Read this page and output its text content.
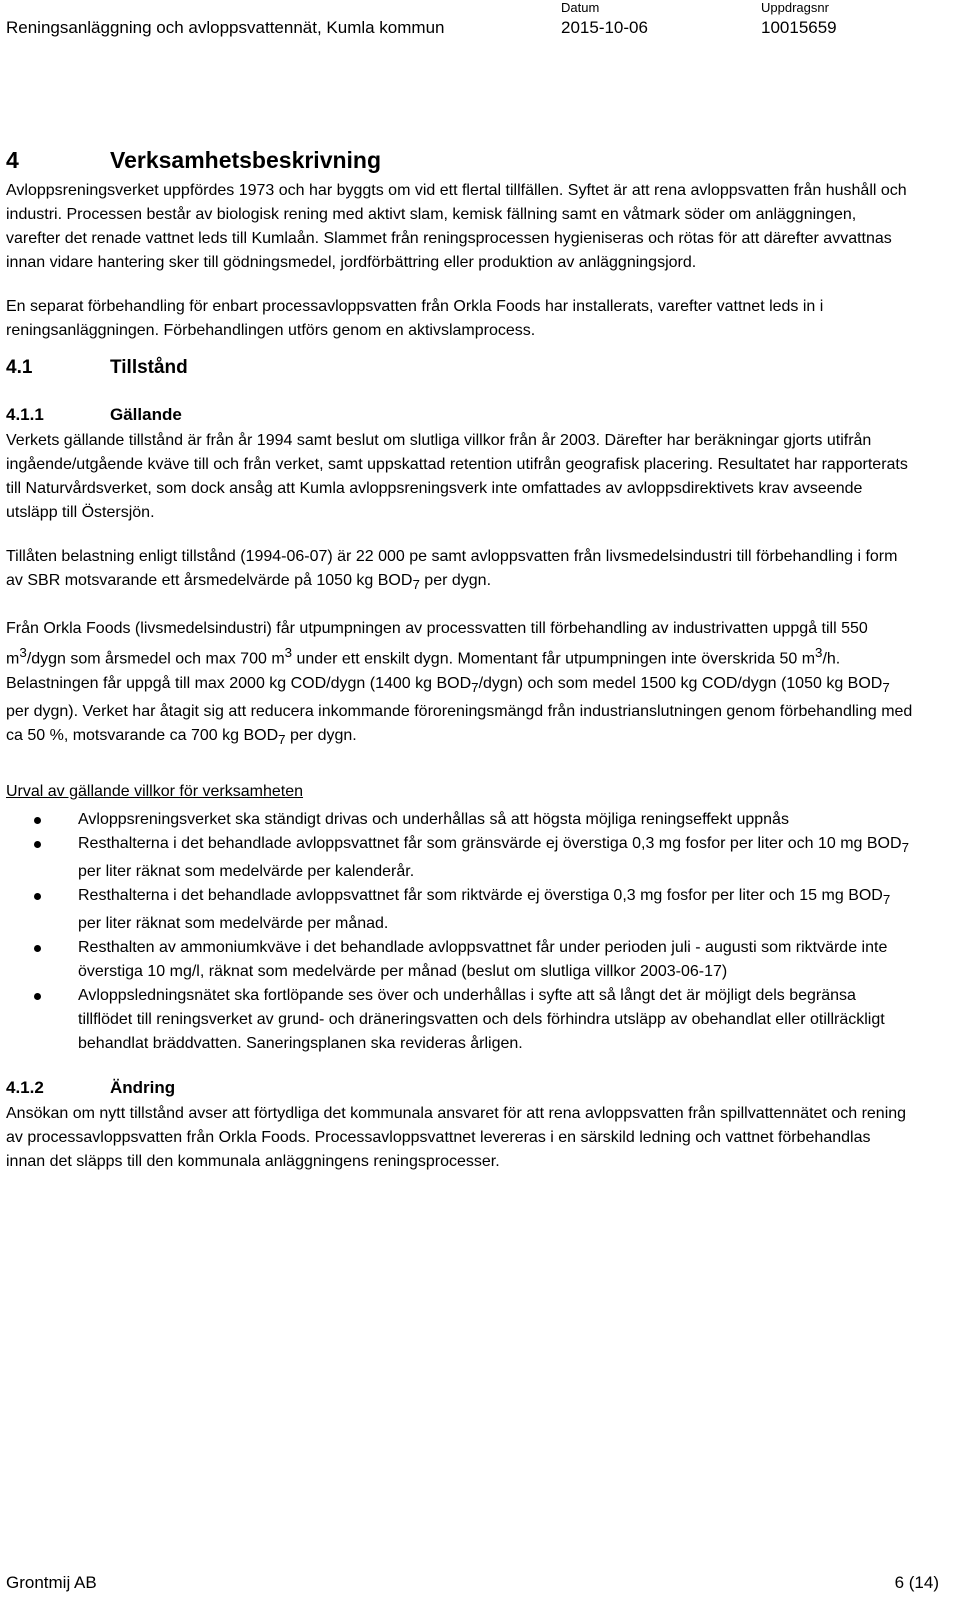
Reningsanläggning och avloppsvattennät, Kumla kommun
Datum
2015-10-06
Uppdragsnr
10015659
4	Verksamhetsbeskrivning

Avloppsreningsverket uppfördes 1973 och har byggts om vid ett flertal tillfällen. Syftet är att rena avloppsvatten från hushåll och industri. Processen består av biologisk rening med aktivt slam, kemisk fällning samt en våtmark söder om anläggningen, varefter det renade vattnet leds till Kumlaån. Slammet från reningsprocessen hygieniseras och rötas för att därefter avvattnas innan vidare hantering sker till gödningsmedel, jordförbättring eller produktion av anläggningsjord.

En separat förbehandling för enbart processavloppsvatten från Orkla Foods har installerats, varefter vattnet leds in i reningsanläggningen. Förbehandlingen utförs genom en aktivslamprocess.

4.1	Tillstånd
4.1.1	Gällande

Verkets gällande tillstånd är från år 1994 samt beslut om slutliga villkor från år 2003. Därefter har beräkningar gjorts utifrån ingående/utgående kväve till och från verket, samt uppskattad retention utifrån geografisk placering. Resultatet har rapporterats till Naturvårdsverket, som dock ansåg att Kumla avloppsreningsverk inte omfattades av avloppsdirektivets krav avseende utsläpp till Östersjön.

Tillåten belastning enligt tillstånd (1994-06-07) är 22 000 pe samt avloppsvatten från livsmedelsindustri till förbehandling i form av SBR motsvarande ett årsmedelvärde på 1050 kg $BOD_7$ per dygn.

Från Orkla Foods (livsmedelsindustri) får utpumpningen av processvatten till förbehandling av industrivatten uppgå till 550 $m^3$/dygn som årsmedel och max 700 $m^3$ under ett enskilt dygn. Momentant får utpumpningen inte överskrida 50 $m^3/h$. Belastningen får uppgå till max 2000 kg COD/dygn (1400 kg $BOD_7/dygn$) och som medel 1500 kg COD/dygn (1050 kg $BOD_7$ per dygn). Verket har åtagit sig att reducera inkommande föroreningsmängd från industrianslutningen genom förbehandling med ca 50 %, motsvarande ca 700 kg $BOD_7$ per dygn.

Urval av gällande villkor för verksamheten
Avloppsreningsverket ska ständigt drivas och underhållas så att högsta möjliga reningseffekt uppnås
Resthalterna i det behandlade avloppsvattnet får som gränsvärde ej överstiga 0,3 mg fosfor per liter och 10 mg $BOD_7$ per liter räknat som medelvärde per kalenderår.
Resthalterna i det behandlade avloppsvattnet får som riktvärde ej överstiga 0,3 mg fosfor per liter och 15 mg $BOD_7$ per liter räknat som medelvärde per månad.
Resthalten av ammoniumkväve i det behandlade avloppsvattnet får under perioden juli - augusti som riktvärde inte överstiga 10 mg/l, räknat som medelvärde per månad (beslut om slutliga villkor 2003-06-17)
Avloppsledningsnätet ska fortlöpande ses över och underhållas i syfte att så långt det är möjligt dels begränsa tillflödet till reningsverket av grund- och dräneringsvatten och dels förhindra utsläpp av obehandlat eller otillräckligt behandlat bräddvatten. Saneringsplanen ska revideras årligen.
4.1.2	Ändring

Ansökan om nytt tillstånd avser att förtydliga det kommunala ansvaret för att rena avloppsvatten från spillvattennätet och rening av processavloppsvatten från Orkla Foods. Processavloppsvattnet levereras i en särskild ledning och vattnet förbehandlas innan det släpps till den kommunala anläggningens reningsprocesser.

Grontmij AB	6 (14)
